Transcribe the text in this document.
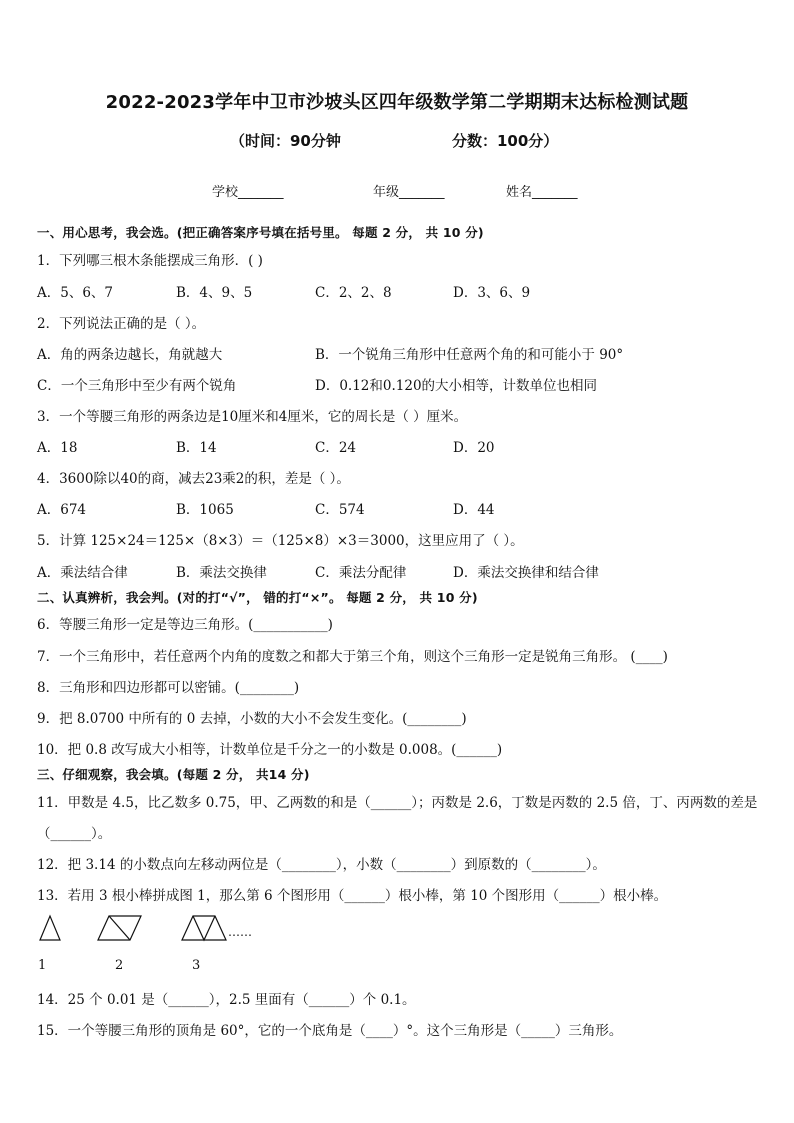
2022-2023学年中卫市沙坡头区四年级数学第二学期期末达标检测试题
（时间：90分钟	分数：100分）
学校_______	年级_______	姓名_______
一、用心思考，我会选。(把正确答案序号填在括号里。 每题 2 分， 共 10 分)
1．下列哪三根木条能摆成三角形．( )
A．5、6、7	B．4、9、5	C．2、2、8	D．3、6、9
2．下列说法正确的是（ ）。
A．角的两条边越长，角就越大	B．一个锐角三角形中任意两个角的和可能小于 90°
C．一个三角形中至少有两个锐角	D．0.12和0.120的大小相等，计数单位也相同
3．一个等腰三角形的两条边是10厘米和4厘米，它的周长是（ ）厘米。
A．18	B．14	C．24	D．20
4．3600除以40的商，减去23乘2的积，差是（ ）。
A．674	B．1065	C．574	D．44
5．计算 125×24＝125×（8×3）＝（125×8）×3＝3000，这里应用了（ ）。
A．乘法结合律	B．乘法交换律	C．乘法分配律	D．乘法交换律和结合律
二、认真辨析，我会判。(对的打“√”， 错的打“×”。 每题 2 分， 共 10 分)
6．等腰三角形一定是等边三角形。(___________)
7．一个三角形中，若任意两个内角的度数之和都大于第三个角，则这个三角形一定是锐角三角形。 (____)
8．三角形和四边形都可以密铺。(________)
9．把 8.0700 中所有的 0 去掉，小数的大小不会发生变化。(________)
10．把 0.8 改写成大小相等，计数单位是千分之一的小数是 0.008。(______)
三、仔细观察，我会填。(每题 2 分， 共14 分)
11．甲数是 4.5，比乙数多 0.75，甲、乙两数的和是（______）；丙数是 2.6，丁数是丙数的 2.5 倍，丁、丙两数的差是
（______）。
12．把 3.14 的小数点向左移动两位是（________），小数（________）到原数的（________）。
13．若用 3 根小棒拼成图 1，那么第 6 个图形用（______）根小棒，第 10 个图形用（______）根小棒。
……
1	2	3
14．25 个 0.01 是（______），2.5 里面有（______）个 0.1。
15．一个等腰三角形的顶角是 60°，它的一个底角是（____）°。这个三角形是（_____）三角形。
